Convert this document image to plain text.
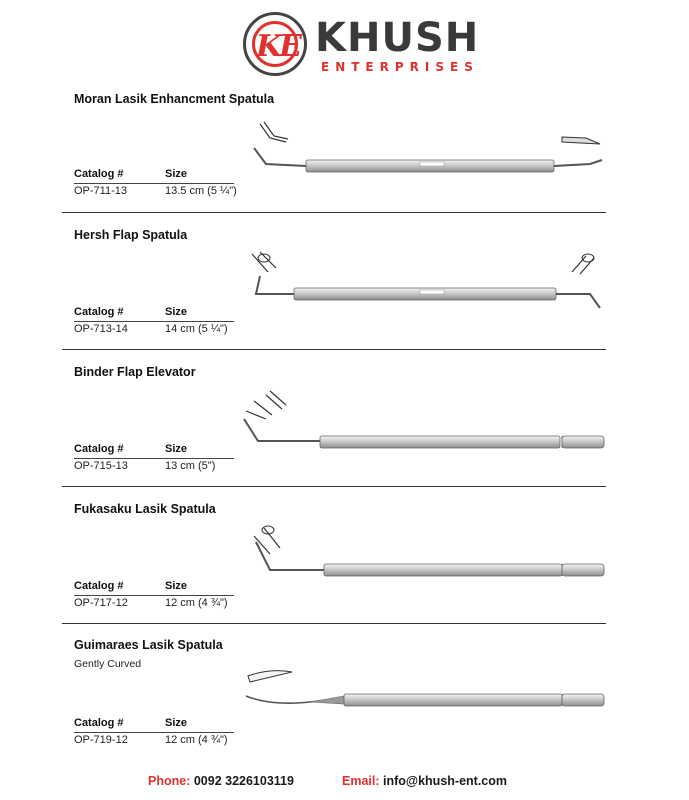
KE KHUSH
ENTERPRISES
Moran Lasik Enhancment Spatula
Catalog #	Size
OP-711-13	13.5 cm (5 ¼")
Hersh Flap Spatula
Catalog #	Size
OP-713-14	14 cm (5 ¼")
Binder Flap Elevator
Catalog #	Size
OP-715-13	13 cm (5")
Fukasaku Lasik Spatula
Catalog #	Size
OP-717-12	12 cm (4 ¾")
Guimaraes Lasik Spatula
Gently Curved
Catalog #	Size
OP-719-12	12 cm (4 ¾")
Phone: 0092 3226103119	Email: info@khush-ent.com
